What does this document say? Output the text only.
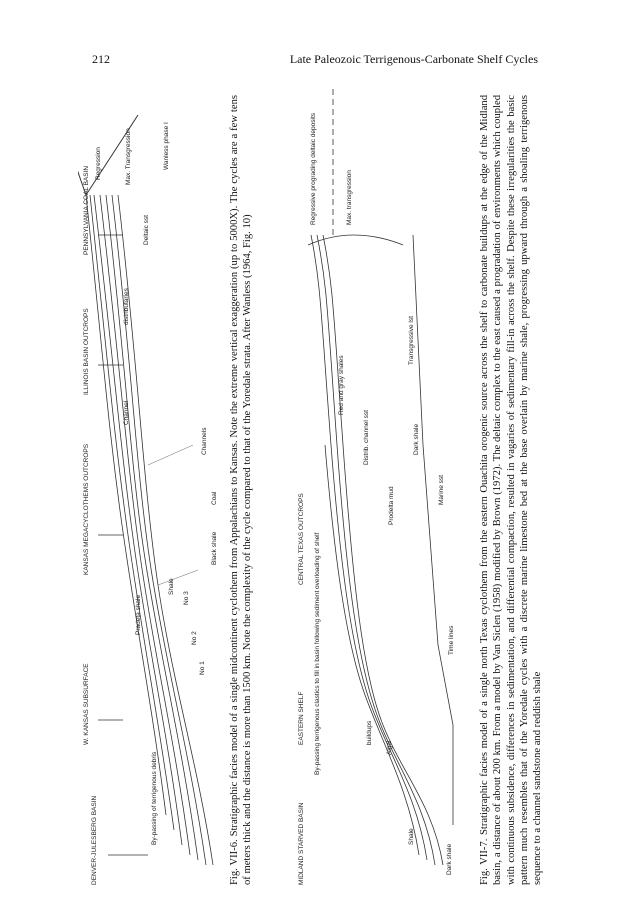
212	Late Paleozoic Terrigenous-Carbonate Shelf Cycles
DENVER-JULESBERG BASIN
W. KANSAS SUBSURFACE
KANSAS MEGACYCLOTHEMS OUTCROPS
ILLINOIS BASIN OUTCROPS
PENNSYLVANIA COAL BASIN
By-passing of terrigenous debris
Pradeta shale
Shale
No 3
No 2
No 1
Black shale
Coal
Channels
Channel
distributaries
Deltaic sst
Regression	Max. Transgression	Wanless phase I	Fig. VII-6. Stratigraphic facies model of a single midcontinent cyclothem from Appalachians to Kansas. Note the extreme vertical exaggeration (up to 5000X). The cycles are a few tens of meters thick and the distance is more than 1500 km. Note the complexity of the cycle compared to that of the Yoredale strata. After Wanless (1964, Fig. 10)	MIDLAND STARVED BASIN
EASTERN SHELF
CENTRAL TEXAS OUTCROPS By-passing terrigenous clastics to fill in basin following sediment overloading of shelf	buildups
Algal
Shale
Dark shale
Time lines
Marine sst
Dark shale
Transgressive lst
Prodelta mud
Distrib. channel sst
Red and gray shales
Regressive prograding deltaic deposits	Max. transgression	Fig. VII-7. Stratigraphic facies model of a single north Texas cyclothem from the eastern Ouachita orogenic source across the shelf to carbonate buildups at the edge of the Midland basin, a distance of about 200 km. From a model by Van Siclen (1958) modified by Brown (1972). The deltaic complex to the east caused a progradation of environments which coupled with continuous subsidence, differences in sedimentation, and differential compaction, resulted in vagaries of sedimentary fill-in across the shelf. Despite these irregularities the basic pattern much resembles that of the Yoredale cycles with a discrete marine limestone bed at the base overlain by marine shale, progressing upward through a shoaling terrigenous sequence to a channel sandstone and reddish shale
